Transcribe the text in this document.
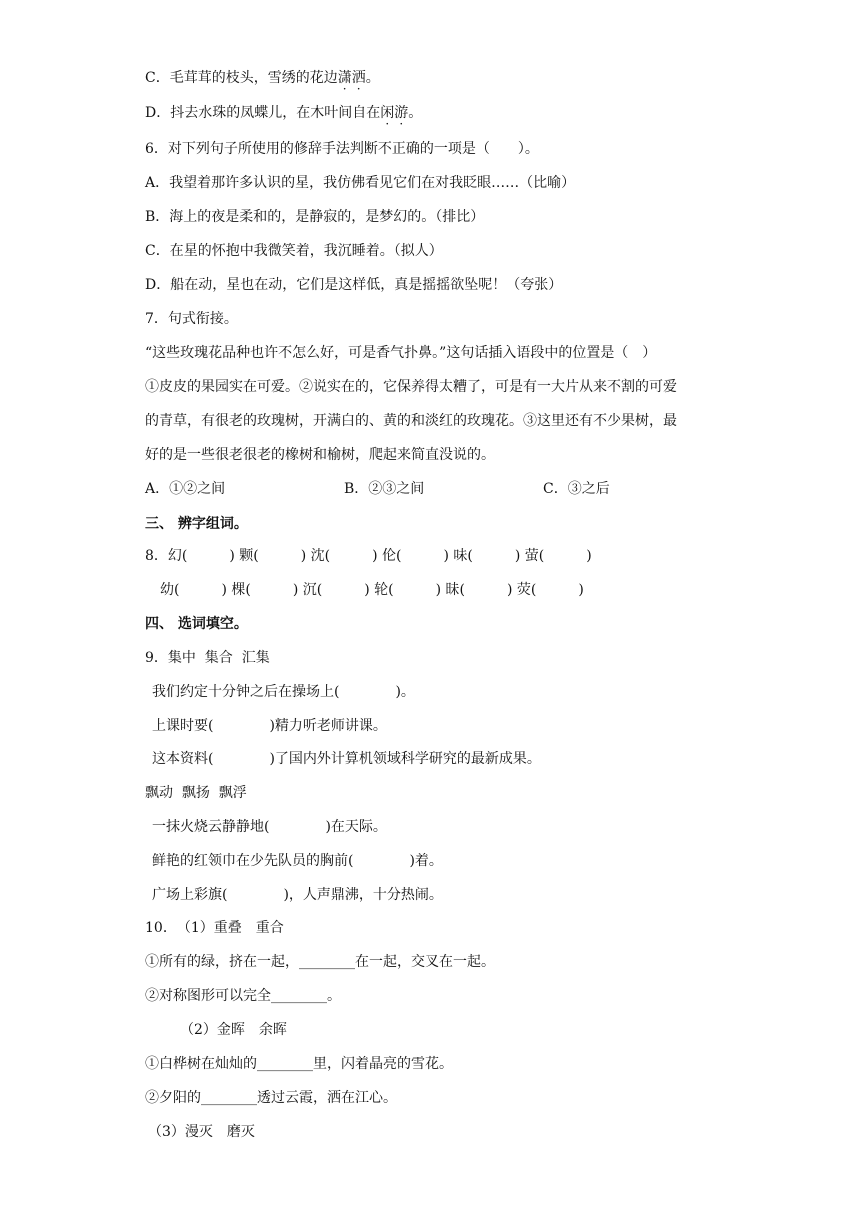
C．毛茸茸的枝头，雪绣的花边潇洒。
D．抖去水珠的凤蝶儿，在木叶间自在闲游。
6．对下列句子所使用的修辞手法判断不正确的一项是（　　）。
A．我望着那许多认识的星，我仿佛看见它们在对我眨眼……（比喻）
B．海上的夜是柔和的，是静寂的，是梦幻的。（排比）
C．在星的怀抱中我微笑着，我沉睡着。（拟人）
D．船在动，星也在动，它们是这样低，真是摇摇欲坠呢！（夸张）
7．句式衔接。
“这些玫瑰花品种也许不怎么好，可是香气扑鼻。”这句话插入语段中的位置是（　）
①皮皮的果园实在可爱。②说实在的，它保养得太糟了，可是有一大片从来不割的可爱
的青草，有很老的玫瑰树，开满白的、黄的和淡红的玫瑰花。③这里还有不少果树，最
好的是一些很老很老的橡树和榆树，爬起来简直没说的。
A．①②之间	B．②③之间	C．③之后
三、 辨字组词。
8．幻(　　　) 颗(　　　) 沈(　　　) 伦(　　　) 味(　　　) 萤(　　　)
幼(　　　) 棵(　　　) 沉(　　　) 轮(　　　) 昧(　　　) 荧(　　　)
四、 选词填空。
9．集中  集合  汇集
我们约定十分钟之后在操场上(　　　　)。
上课时要(　　　　)精力听老师讲课。
这本资料(　　　　)了国内外计算机领域科学研究的最新成果。
飘动  飘扬  飘浮
一抹火烧云静静地(　　　　)在天际。
鲜艳的红领巾在少先队员的胸前(　　　　)着。
广场上彩旗(　　　　)，人声鼎沸，十分热闹。
10．　（1）重叠　重合
①所有的绿，挤在一起，________在一起，交叉在一起。
②对称图形可以完全________。
（2）金晖　余晖
①白桦树在灿灿的________里，闪着晶亮的雪花。
②夕阳的________透过云霞，洒在江心。
（3）漫灭　磨灭
